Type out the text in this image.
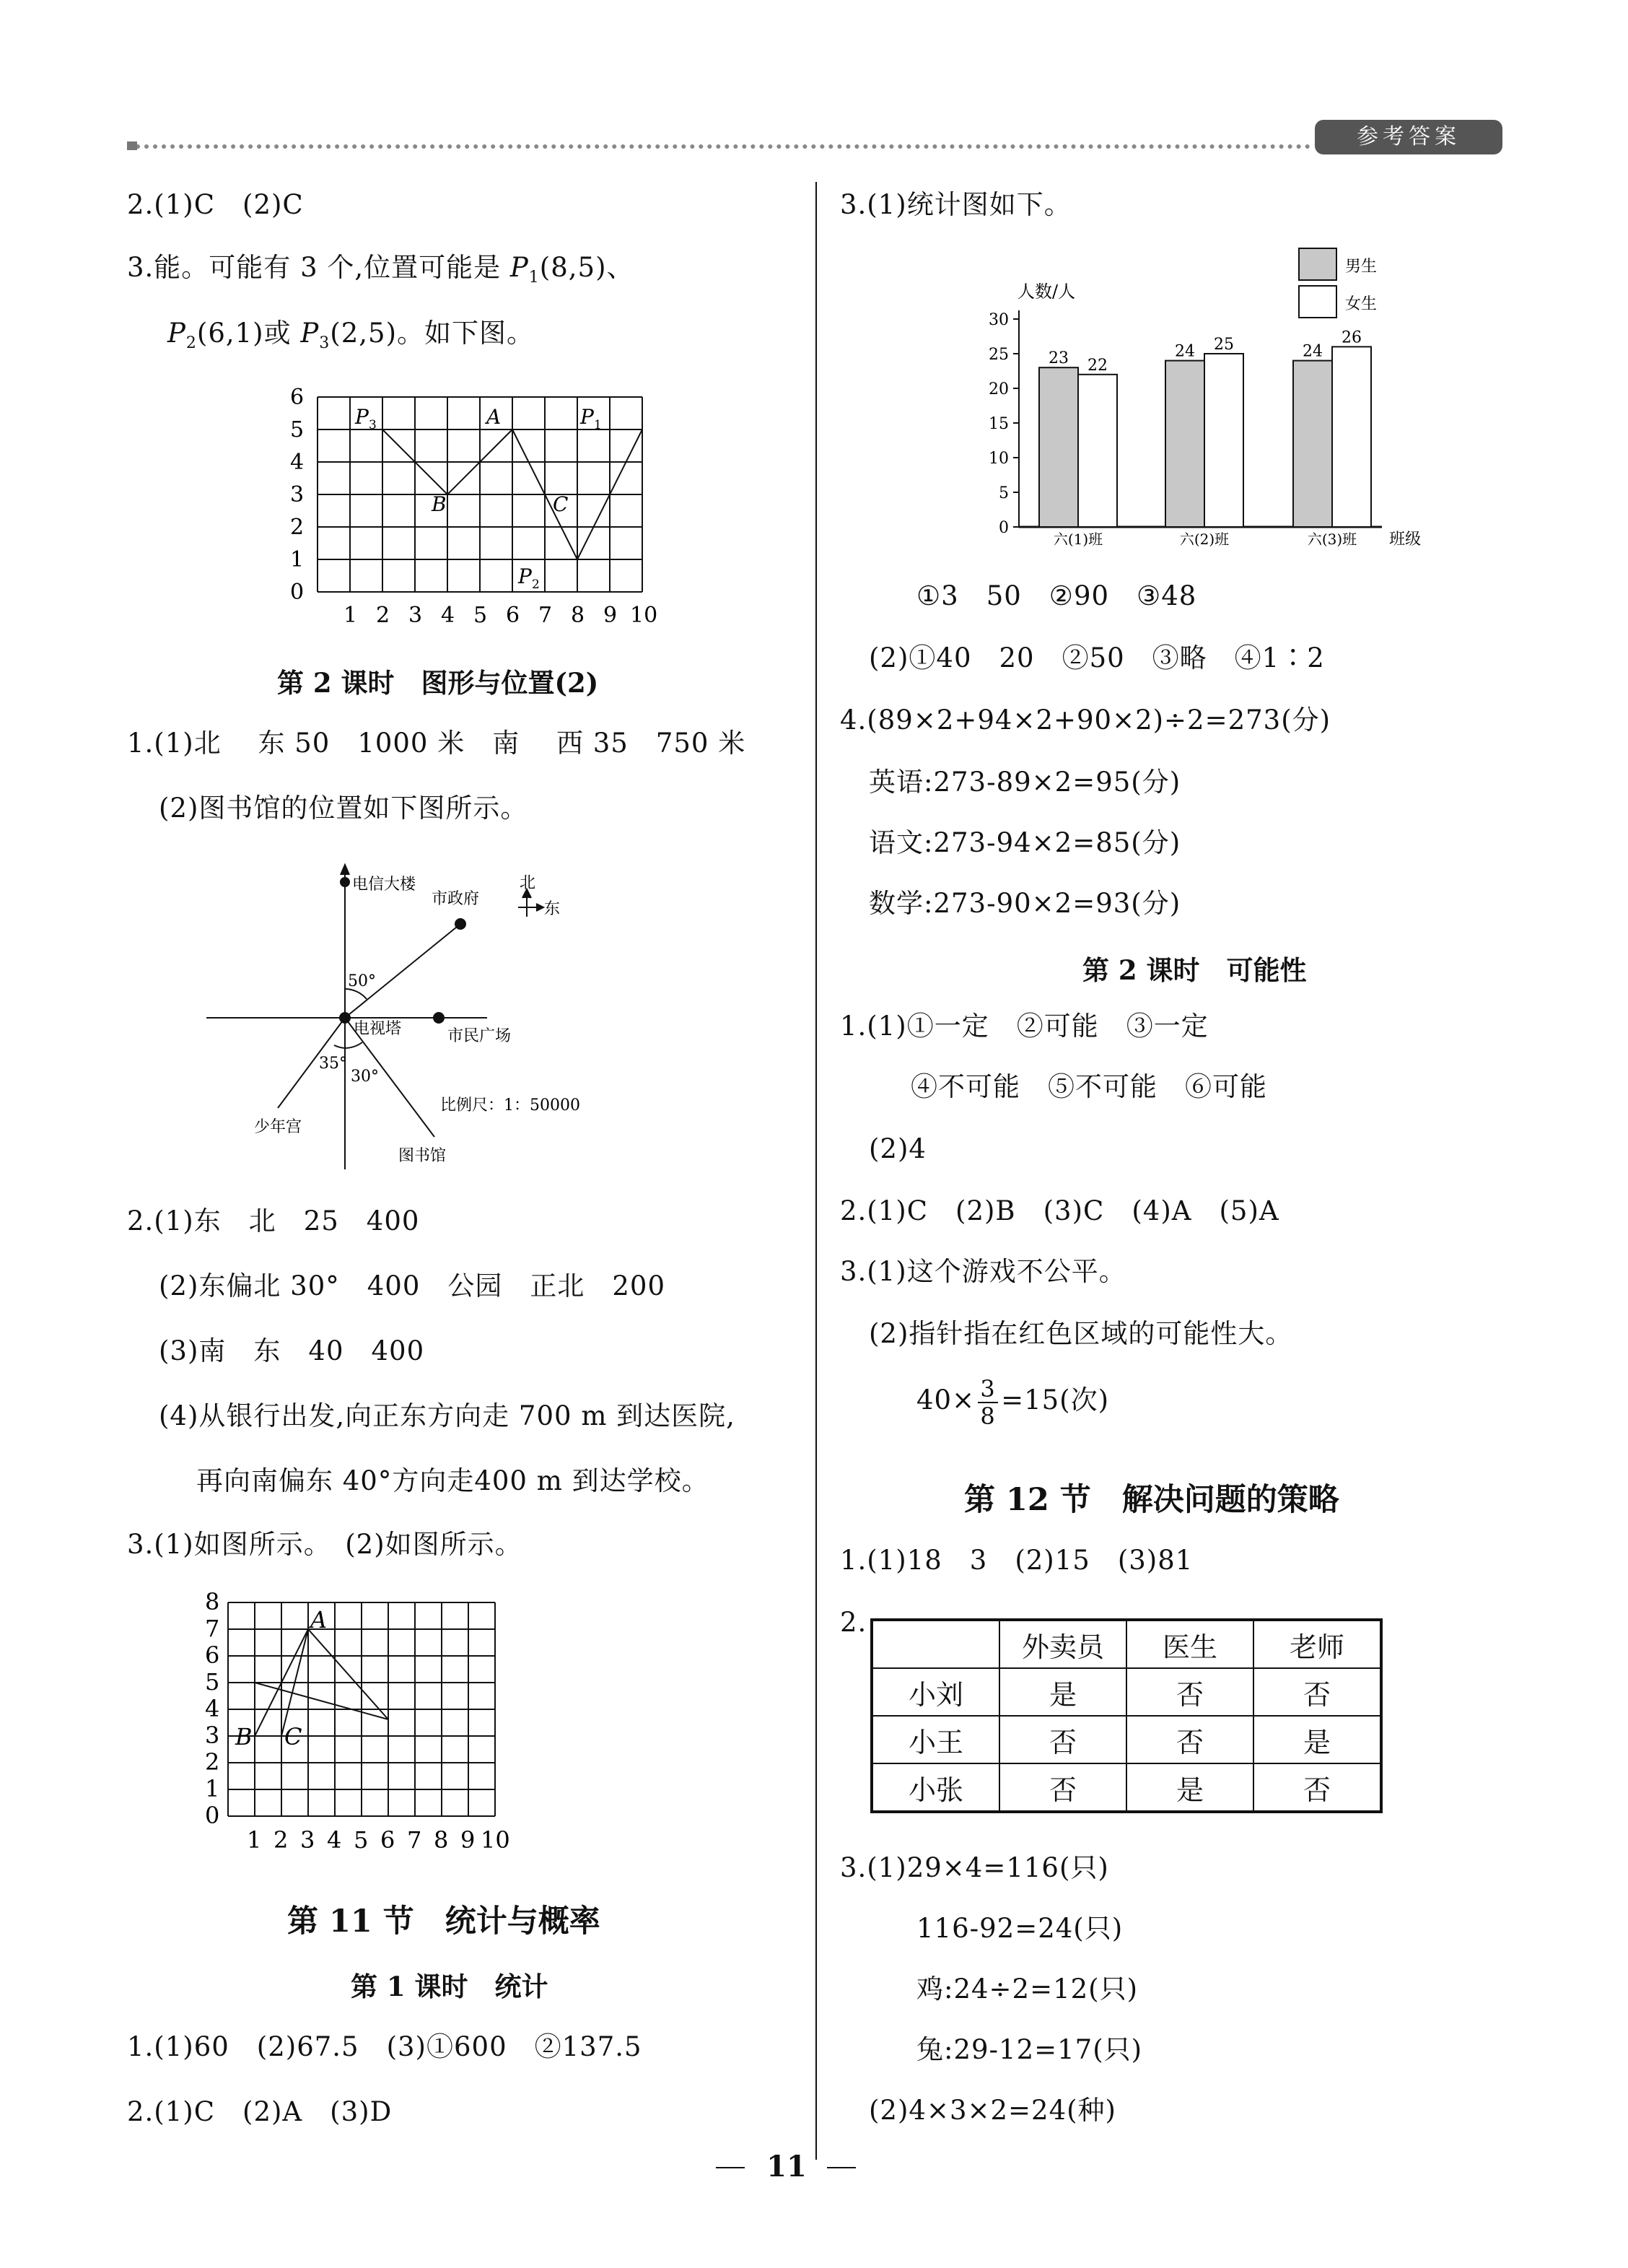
参考答案
2.(1)C　(2)C
3.能。可能有 3 个,位置可能是 $P_1(8,5)$、
$P_2(6,1)$或 $P_3(2,5)$。如下图。
0
1
2
3
4
5
6
1 2 3 4 5 6 7 8 9 10
P 3	A	P 1
B	C
P 2
第 2 课时　图形与位置(2)
1.(1)北　 东 50　1000 米　南　 西 35　750 米
(2)图书馆的位置如下图所示。
电信大楼
市政府
北
东
50°
电视塔	市民广场
35°
30°
比例尺：1：50000
少年宫
图书馆
2.(1)东　北　25　400
(2)东偏北 30°　400　公园　正北　200
(3)南　东　40　400
(4)从银行出发,向正东方向走 700 m 到达医院,
再向南偏东 40°方向走400 m 到达学校。
3.(1)如图所示。　(2)如图所示。
0
1
2
3
4
5
6
7
8
1 2 3 4 5 6 7 8 9 10
A
B C
第 11 节　统计与概率
第 1 课时　统计
1.(1)60　(2)67.5　(3)①600　②137.5
2.(1)C　(2)A　(3)D
3.(1)统计图如下。
人数/人
班级
男生
女生
0
5
10
15
20
25
30
23 22
六(1)班
24 25
六(2)班
24
26
六(3)班
①3　50　②90　③48
(2)①40　20　②50　③略　④1∶2
4.(89×2+94×2+90×2)÷2=273(分)
英语:273-89×2=95(分)
语文:273-94×2=85(分)
数学:273-90×2=93(分)
第 2 课时　可能性
1.(1)①一定　②可能　③一定
④不可能　⑤不可能　⑥可能
(2)4
2.(1)C　(2)B　(3)C　(4)A　(5)A
3.(1)这个游戏不公平。
(2)指针指在红色区域的可能性大。
$40\times \frac{3}{8} =15$(次)
第 12 节　解决问题的策略
1.(1)18　3　(2)15　(3)81
2.
	外卖员	医生	老师
小刘	是	否	否
小王	否	否	是
小张	否	是	否
3.(1)29×4=116(只)
116-92=24(只)
鸡:24÷2=12(只)
兔:29-12=17(只)
(2)4×3×2=24(种)
11
